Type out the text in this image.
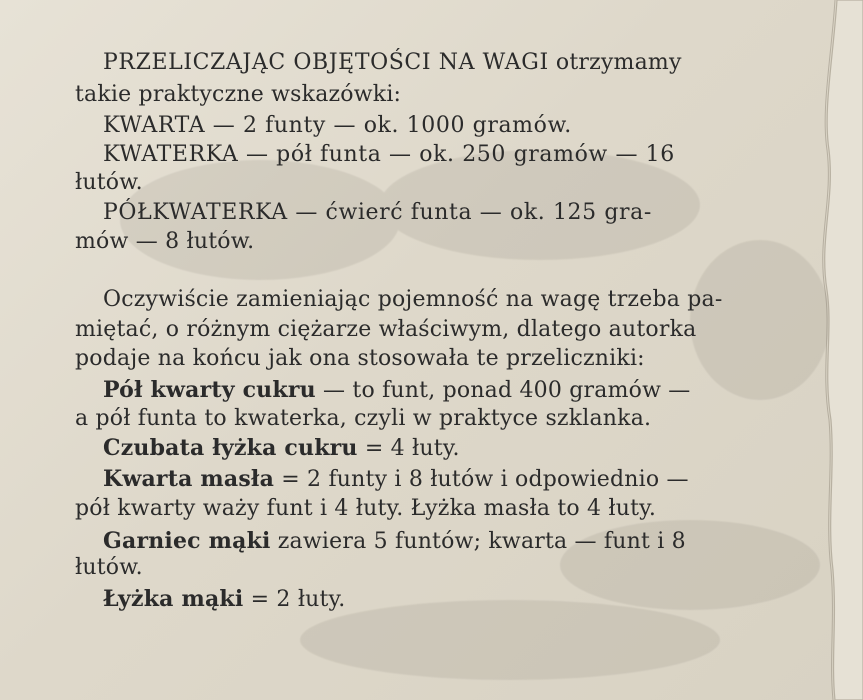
PRZELICZAJĄC OBJĘTOŚCI NA WAGI otrzymamy
takie praktyczne wskazówki:
KWARTA — 2 funty — ok. 1000 gramów.
KWATERKA — pół funta — ok. 250 gramów — 16
łutów.
PÓŁKWATERKA — ćwierć funta — ok. 125 gra-
mów — 8 łutów.
Oczywiście zamieniając pojemność na wagę trzeba pa-
miętać, o różnym ciężarze właściwym, dlatego autorka
podaje na końcu jak ona stosowała te przeliczniki:
Pół kwarty cukru — to funt, ponad 400 gramów —
a pół funta to kwaterka, czyli w praktyce szklanka.
Czubata łyżka cukru = 4 łuty.
Kwarta masła = 2 funty i 8 łutów i odpowiednio —
pół kwarty waży funt i 4 łuty. Łyżka masła to 4 łuty.
Garniec mąki zawiera 5 funtów; kwarta — funt i 8
łutów.
Łyżka mąki = 2 łuty.
